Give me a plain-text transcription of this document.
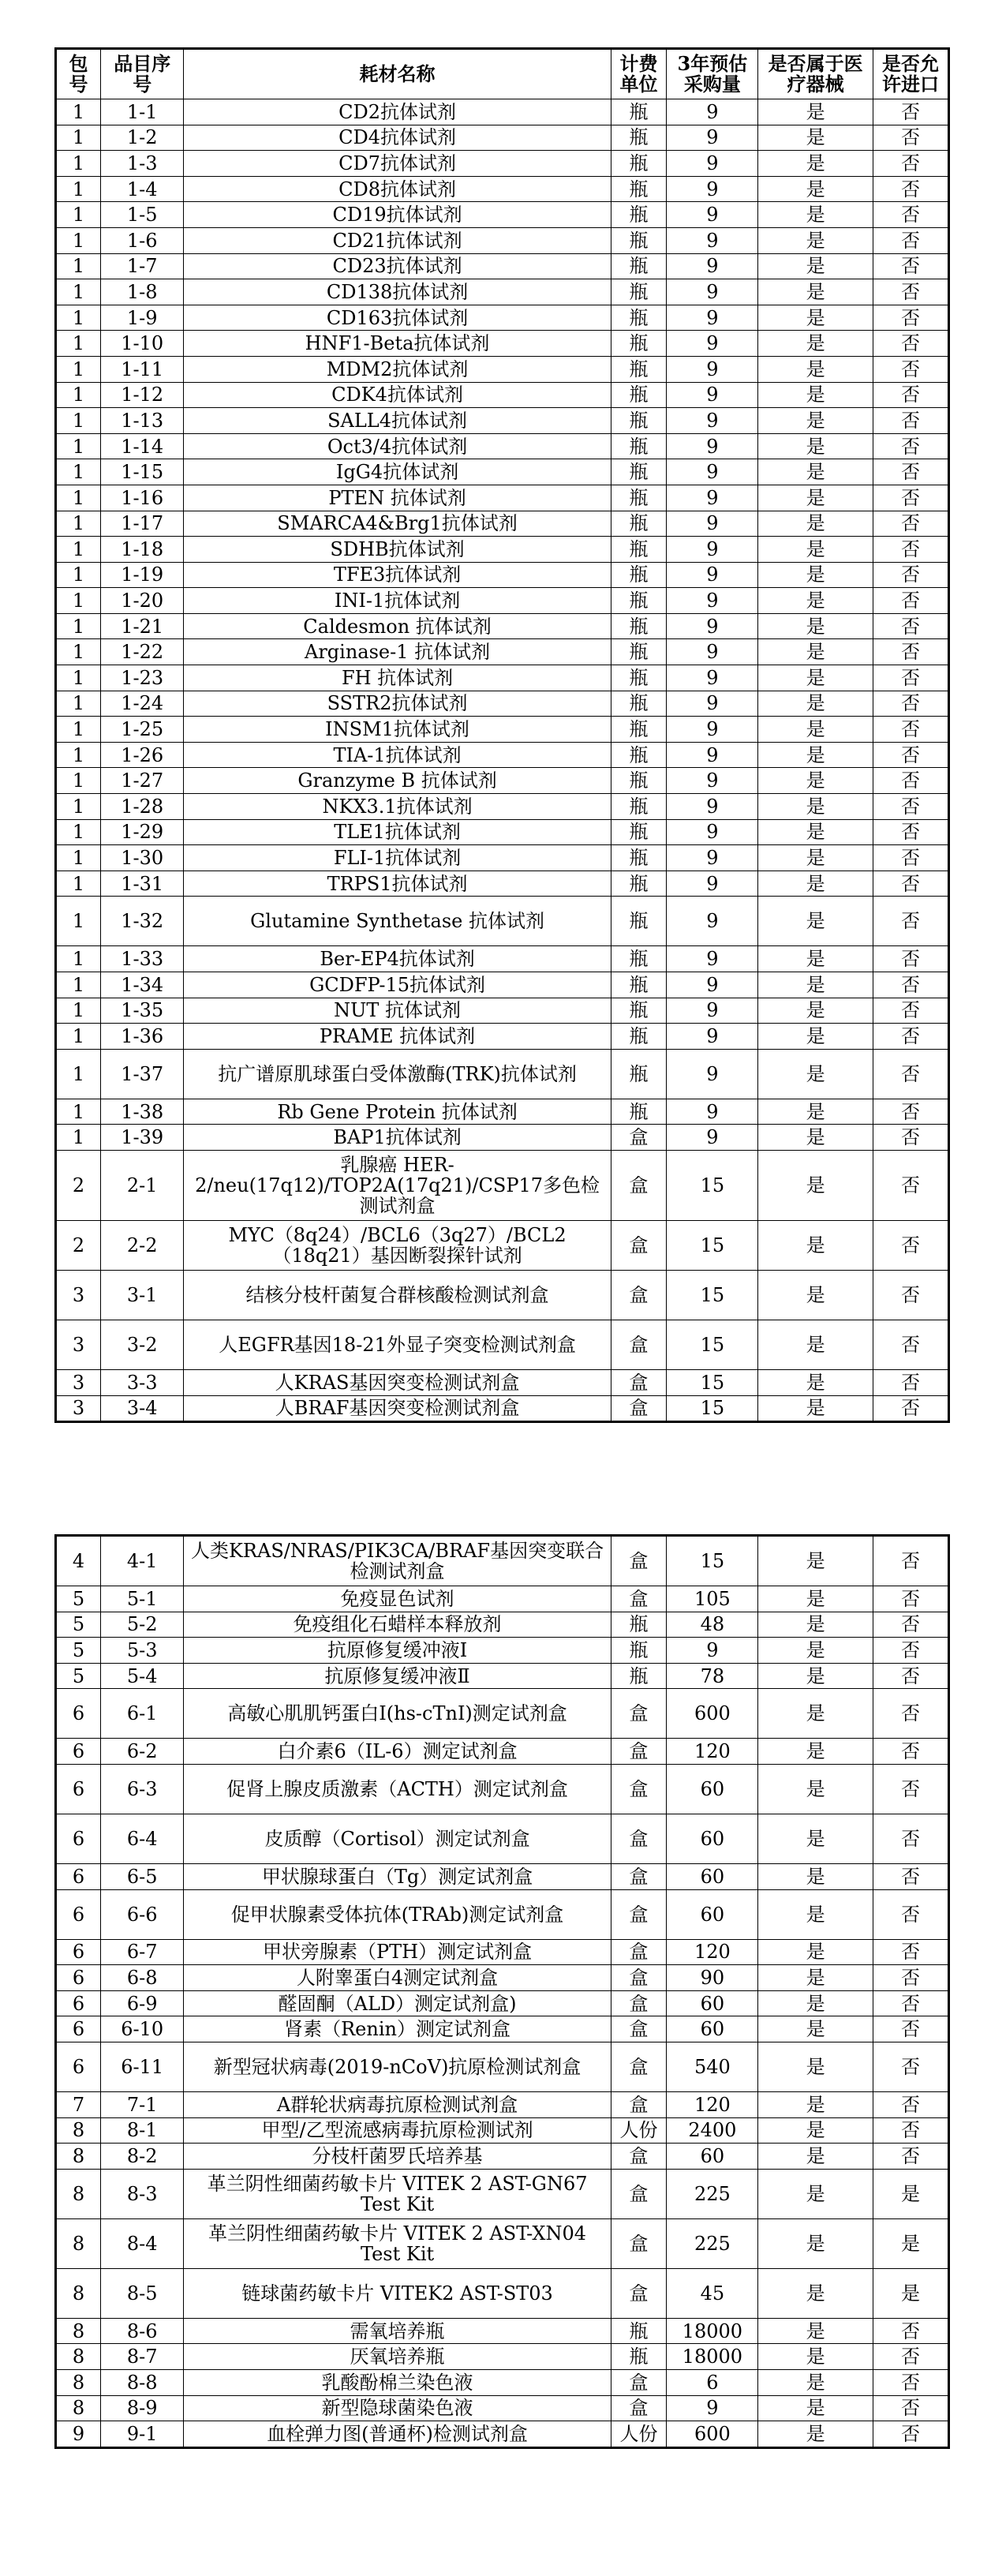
包号	品目序号	耗材名称	计费单位	3年预估采购量	是否属于医疗器械	是否允许进口
1	1-1	CD2抗体试剂	瓶	9	是	否
1	1-2	CD4抗体试剂	瓶	9	是	否
1	1-3	CD7抗体试剂	瓶	9	是	否
1	1-4	CD8抗体试剂	瓶	9	是	否
1	1-5	CD19抗体试剂	瓶	9	是	否
1	1-6	CD21抗体试剂	瓶	9	是	否
1	1-7	CD23抗体试剂	瓶	9	是	否
1	1-8	CD138抗体试剂	瓶	9	是	否
1	1-9	CD163抗体试剂	瓶	9	是	否
1	1-10	HNF1-Beta抗体试剂	瓶	9	是	否
1	1-11	MDM2抗体试剂	瓶	9	是	否
1	1-12	CDK4抗体试剂	瓶	9	是	否
1	1-13	SALL4抗体试剂	瓶	9	是	否
1	1-14	Oct3/4抗体试剂	瓶	9	是	否
1	1-15	IgG4抗体试剂	瓶	9	是	否
1	1-16	PTEN 抗体试剂	瓶	9	是	否
1	1-17	SMARCA4&Brg1抗体试剂	瓶	9	是	否
1	1-18	SDHB抗体试剂	瓶	9	是	否
1	1-19	TFE3抗体试剂	瓶	9	是	否
1	1-20	INI-1抗体试剂	瓶	9	是	否
1	1-21	Caldesmon 抗体试剂	瓶	9	是	否
1	1-22	Arginase-1 抗体试剂	瓶	9	是	否
1	1-23	FH 抗体试剂	瓶	9	是	否
1	1-24	SSTR2抗体试剂	瓶	9	是	否
1	1-25	INSM1抗体试剂	瓶	9	是	否
1	1-26	TIA-1抗体试剂	瓶	9	是	否
1	1-27	Granzyme B 抗体试剂	瓶	9	是	否
1	1-28	NKX3.1抗体试剂	瓶	9	是	否
1	1-29	TLE1抗体试剂	瓶	9	是	否
1	1-30	FLI-1抗体试剂	瓶	9	是	否
1	1-31	TRPS1抗体试剂	瓶	9	是	否
1	1-32	Glutamine Synthetase 抗体试剂	瓶	9	是	否
1	1-33	Ber-EP4抗体试剂	瓶	9	是	否
1	1-34	GCDFP-15抗体试剂	瓶	9	是	否
1	1-35	NUT 抗体试剂	瓶	9	是	否
1	1-36	PRAME 抗体试剂	瓶	9	是	否
1	1-37	抗广谱原肌球蛋白受体激酶(TRK)抗体试剂	瓶	9	是	否
1	1-38	Rb Gene Protein 抗体试剂	瓶	9	是	否
1	1-39	BAP1抗体试剂	盒	9	是	否
2	2-1	乳腺癌 HER-2/neu(17q12)/TOP2A(17q21)/CSP17多色检测试剂盒	盒	15	是	否
2	2-2	MYC（8q24）/BCL6（3q27）/BCL2（18q21）基因断裂探针试剂	盒	15	是	否
3	3-1	结核分枝杆菌复合群核酸检测试剂盒	盒	15	是	否
3	3-2	人EGFR基因18-21外显子突变检测试剂盒	盒	15	是	否
3	3-3	人KRAS基因突变检测试剂盒	盒	15	是	否
3	3-4	人BRAF基因突变检测试剂盒	盒	15	是	否
4	4-1	人类KRAS/NRAS/PIK3CA/BRAF基因突变联合检测试剂盒	盒	15	是	否
5	5-1	免疫显色试剂	盒	105	是	否
5	5-2	免疫组化石蜡样本释放剂	瓶	48	是	否
5	5-3	抗原修复缓冲液Ⅰ	瓶	9	是	否
5	5-4	抗原修复缓冲液Ⅱ	瓶	78	是	否
6	6-1	高敏心肌肌钙蛋白Ⅰ(hs-cTnI)测定试剂盒	盒	600	是	否
6	6-2	白介素6（IL-6）测定试剂盒	盒	120	是	否
6	6-3	促肾上腺皮质激素（ACTH）测定试剂盒	盒	60	是	否
6	6-4	皮质醇（Cortisol）测定试剂盒	盒	60	是	否
6	6-5	甲状腺球蛋白（Tg）测定试剂盒	盒	60	是	否
6	6-6	促甲状腺素受体抗体(TRAb)测定试剂盒	盒	60	是	否
6	6-7	甲状旁腺素（PTH）测定试剂盒	盒	120	是	否
6	6-8	人附睾蛋白4测定试剂盒	盒	90	是	否
6	6-9	醛固酮（ALD）测定试剂盒)	盒	60	是	否
6	6-10	肾素（Renin）测定试剂盒	盒	60	是	否
6	6-11	新型冠状病毒(2019-nCoV)抗原检测试剂盒	盒	540	是	否
7	7-1	A群轮状病毒抗原检测试剂盒	盒	120	是	否
8	8-1	甲型/乙型流感病毒抗原检测试剂	人份	2400	是	否
8	8-2	分枝杆菌罗氏培养基	盒	60	是	否
8	8-3	革兰阴性细菌药敏卡片 VITEK 2 AST-GN67 Test Kit	盒	225	是	是
8	8-4	革兰阴性细菌药敏卡片 VITEK 2 AST-XN04 Test Kit	盒	225	是	是
8	8-5	链球菌药敏卡片 VITEK2 AST-ST03	盒	45	是	是
8	8-6	需氧培养瓶	瓶	18000	是	否
8	8-7	厌氧培养瓶	瓶	18000	是	否
8	8-8	乳酸酚棉兰染色液	盒	6	是	否
8	8-9	新型隐球菌染色液	盒	9	是	否
9	9-1	血栓弹力图(普通杯)检测试剂盒	人份	600	是	否
